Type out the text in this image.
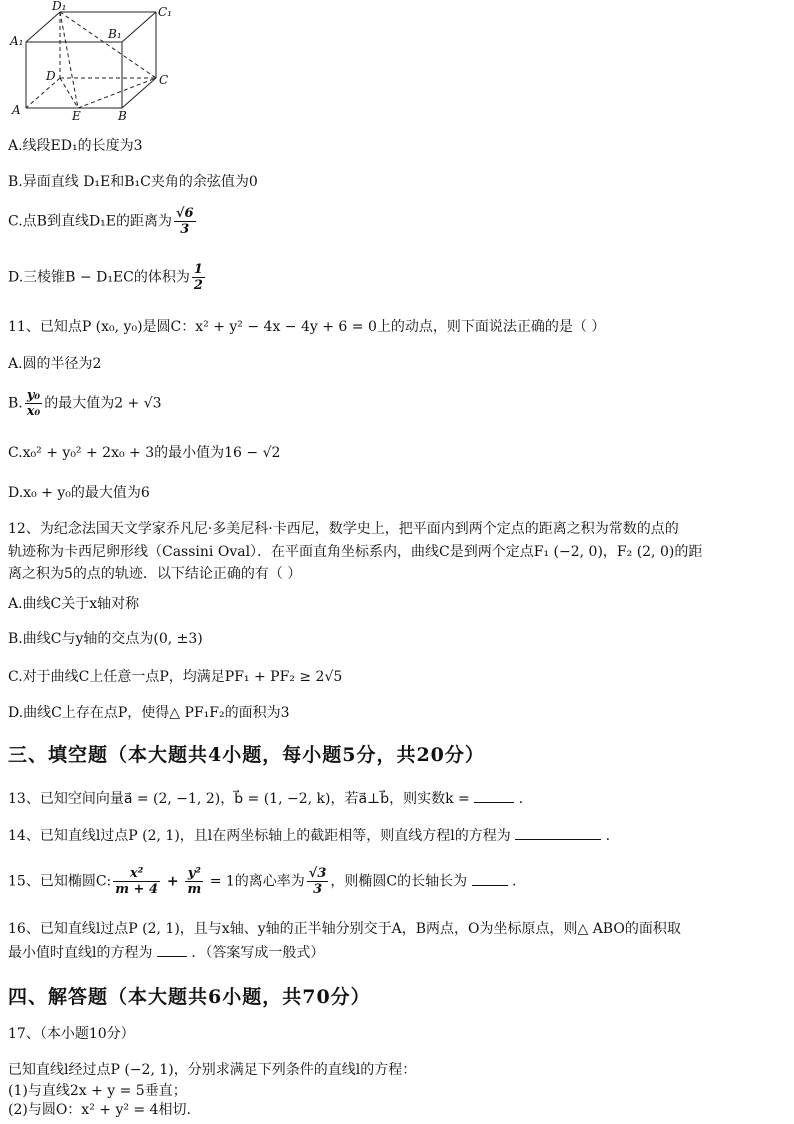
D₁	C₁
A₁	B₁
D	C
A	E	B
A.线段ED₁的长度为3
B.异面直线 D₁E和B₁C夹角的余弦值为0
C.点B到直线D₁E的距离为 $\frac{√6}{3}$
D.三棱锥B − D₁EC的体积为 $\frac{1}{2}$
11、已知点P (x₀, y₀)是圆C：x² + y² − 4x − 4y + 6 = 0上的动点，则下面说法正确的是（ ）
A.圆的半径为2
B. $\frac{\text{y₀}}{\text{x₀}}$ 的最大值为2 + √3
C.x₀² + y₀² + 2x₀ + 3的最小值为16 − √2
D.x₀ + y₀的最大值为6
12、为纪念法国天文学家乔凡尼·多美尼科·卡西尼，数学史上，把平面内到两个定点的距离之积为常数的点的
轨迹称为卡西尼卵形线（Cassini Oval）．在平面直角坐标系内，曲线C是到两个定点F₁ (−2, 0)，F₂ (2, 0)的距
离之积为5的点的轨迹．以下结论正确的有（ ）
A.曲线C关于x轴对称
B.曲线C与y轴的交点为(0, ±3)
C.对于曲线C上任意一点P，均满足PF₁ + PF₂ ≥ 2√5
D.曲线C上存在点P，使得△ PF₁F₂的面积为3
三、填空题（本大题共4小题，每小题5分，共20分）
13、已知空间向量a⃗ = (2, −1, 2)，b⃗ = (1, −2, k)，若a⃗⊥b⃗，则实数k =	.
14、已知直线l过点P (2, 1)，且l在两坐标轴上的截距相等，则直线方程l的方程为	.
15、已知椭圆C: $\frac{\text{x²}}{m + 4} + \frac{\text{y²}}{m} = 1$的离心率为 $\frac{√3}{3}$ ，则椭圆C的长轴长为	.
16、已知直线l过点P (2, 1)，且与x轴、y轴的正半轴分别交于A，B两点，O为坐标原点，则△ ABO的面积取
最小值时直线l的方程为  ．（答案写成一般式）
四、解答题（本大题共6小题，共70分）
17、（本小题10分）
已知直线l经过点P (−2, 1)，分别求满足下列条件的直线l的方程：
(1)与直线2x + y = 5垂直；
(2)与圆O：x² + y² = 4相切.
